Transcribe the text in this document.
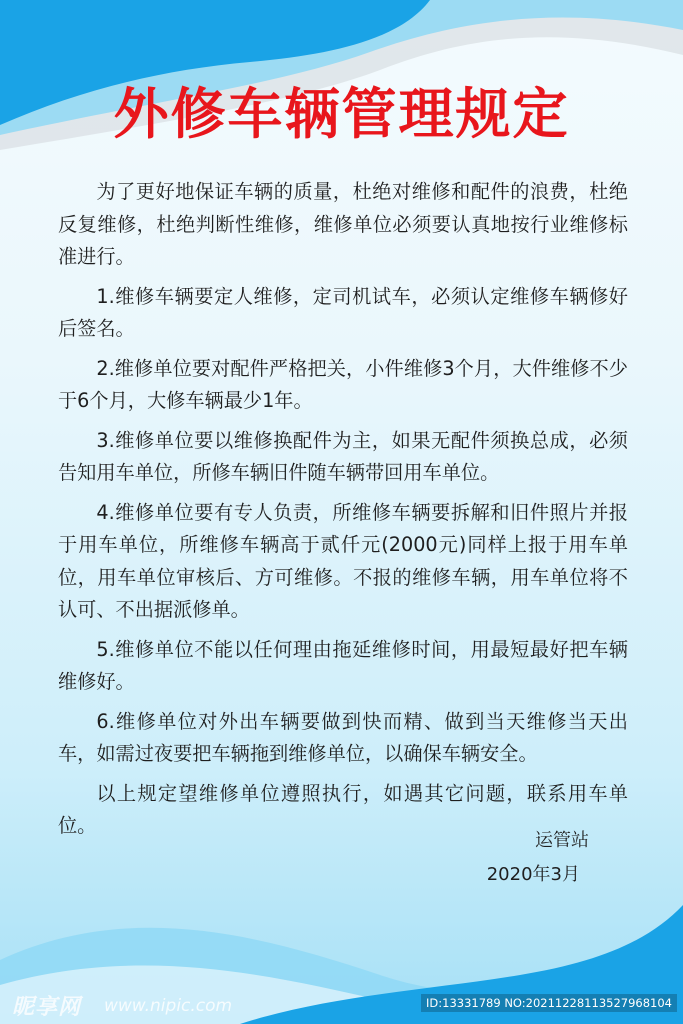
外修车辆管理规定

为了更好地保证车辆的质量，杜绝对维修和配件的浪费，杜绝反复维修，杜绝判断性维修，维修单位必须要认真地按行业维修标准进行。

1.维修车辆要定人维修，定司机试车，必须认定维修车辆修好后签名。

2.维修单位要对配件严格把关，小件维修3个月，大件维修不少于6个月，大修车辆最少1年。

3.维修单位要以维修换配件为主，如果无配件须换总成，必须告知用车单位，所修车辆旧件随车辆带回用车单位。

4.维修单位要有专人负责，所维修车辆要拆解和旧件照片并报于用车单位，所维修车辆高于贰仟元(2000元)同样上报于用车单位，用车单位审核后、方可维修。不报的维修车辆，用车单位将不认可、不出据派修单。

5.维修单位不能以任何理由拖延维修时间，用最短最好把车辆维修好。

6.维修单位对外出车辆要做到快而精、做到当天维修当天出车，如需过夜要把车辆拖到维修单位，以确保车辆安全。

以上规定望维修单位遵照执行，如遇其它问题，联系用车单位。

运管站
2020年3月
昵享网 www.nipic.com	ID:13331789 NO:20211228113527968104
